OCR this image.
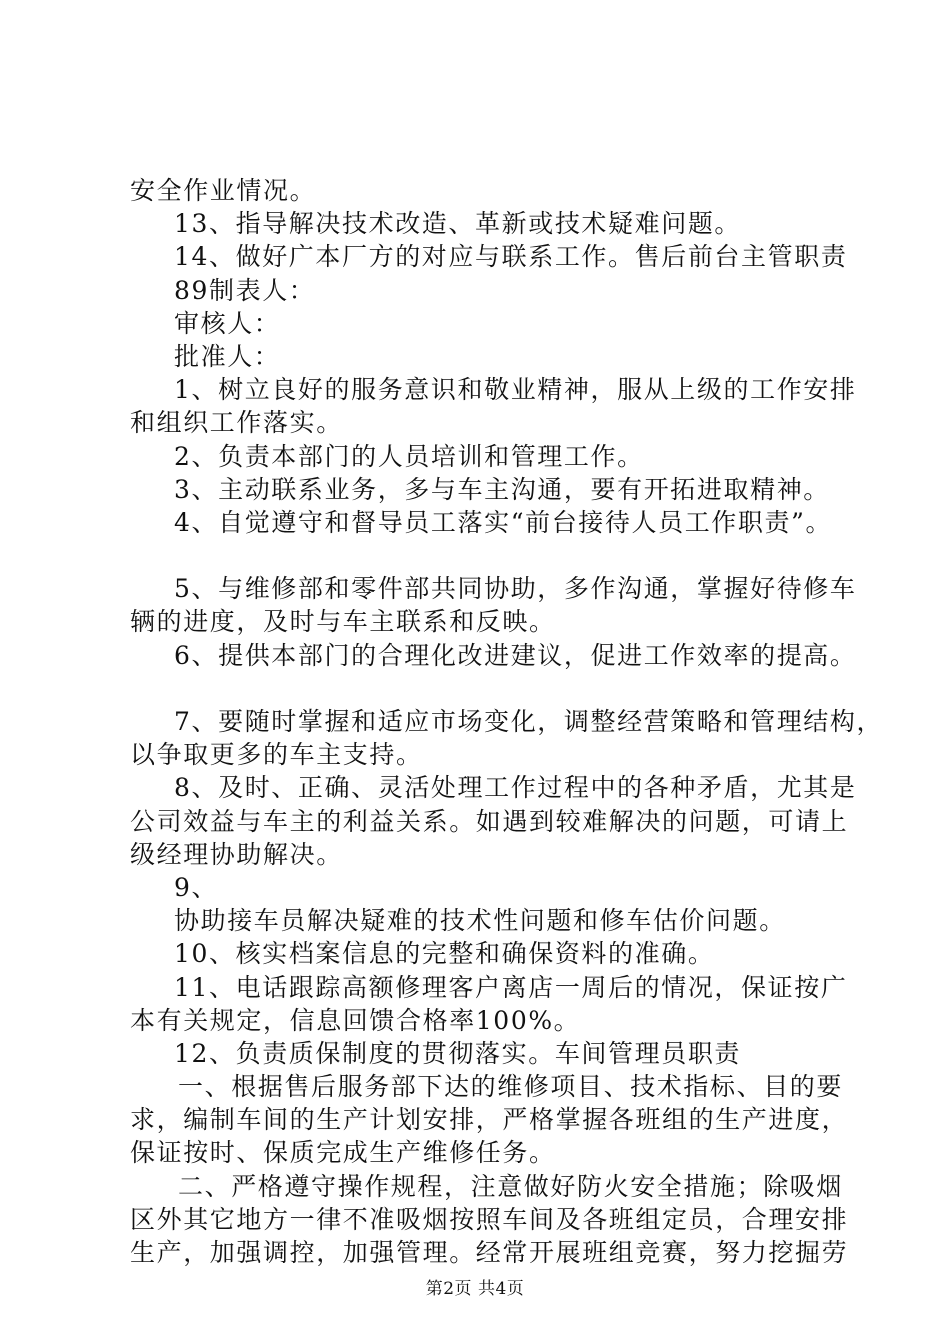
安全作业情况。
13、指导解决技术改造、革新或技术疑难问题。
14、做好广本厂方的对应与联系工作。售后前台主管职责
89制表人：
审核人：
批准人：
1、树立良好的服务意识和敬业精神，服从上级的工作安排
和组织工作落实。
2、负责本部门的人员培训和管理工作。
3、主动联系业务，多与车主沟通，要有开拓进取精神。
4、自觉遵守和督导员工落实“前台接待人员工作职责”。
5、与维修部和零件部共同协助，多作沟通，掌握好待修车
辆的进度，及时与车主联系和反映。
6、提供本部门的合理化改进建议，促进工作效率的提高。
7、要随时掌握和适应市场变化，调整经营策略和管理结构，
以争取更多的车主支持。
8、及时、正确、灵活处理工作过程中的各种矛盾，尤其是
公司效益与车主的利益关系。如遇到较难解决的问题，可请上
级经理协助解决。
9、
协助接车员解决疑难的技术性问题和修车估价问题。
10、核实档案信息的完整和确保资料的准确。
11、电话跟踪高额修理客户离店一周后的情况，保证按广
本有关规定，信息回馈合格率100%。
12、负责质保制度的贯彻落实。车间管理员职责
一、根据售后服务部下达的维修项目、技术指标、目的要
求，编制车间的生产计划安排，严格掌握各班组的生产进度，
保证按时、保质完成生产维修任务。
二、严格遵守操作规程，注意做好防火安全措施；除吸烟
区外其它地方一律不准吸烟按照车间及各班组定员，合理安排
生产，加强调控，加强管理。经常开展班组竞赛，努力挖掘劳
第2页 共4页
